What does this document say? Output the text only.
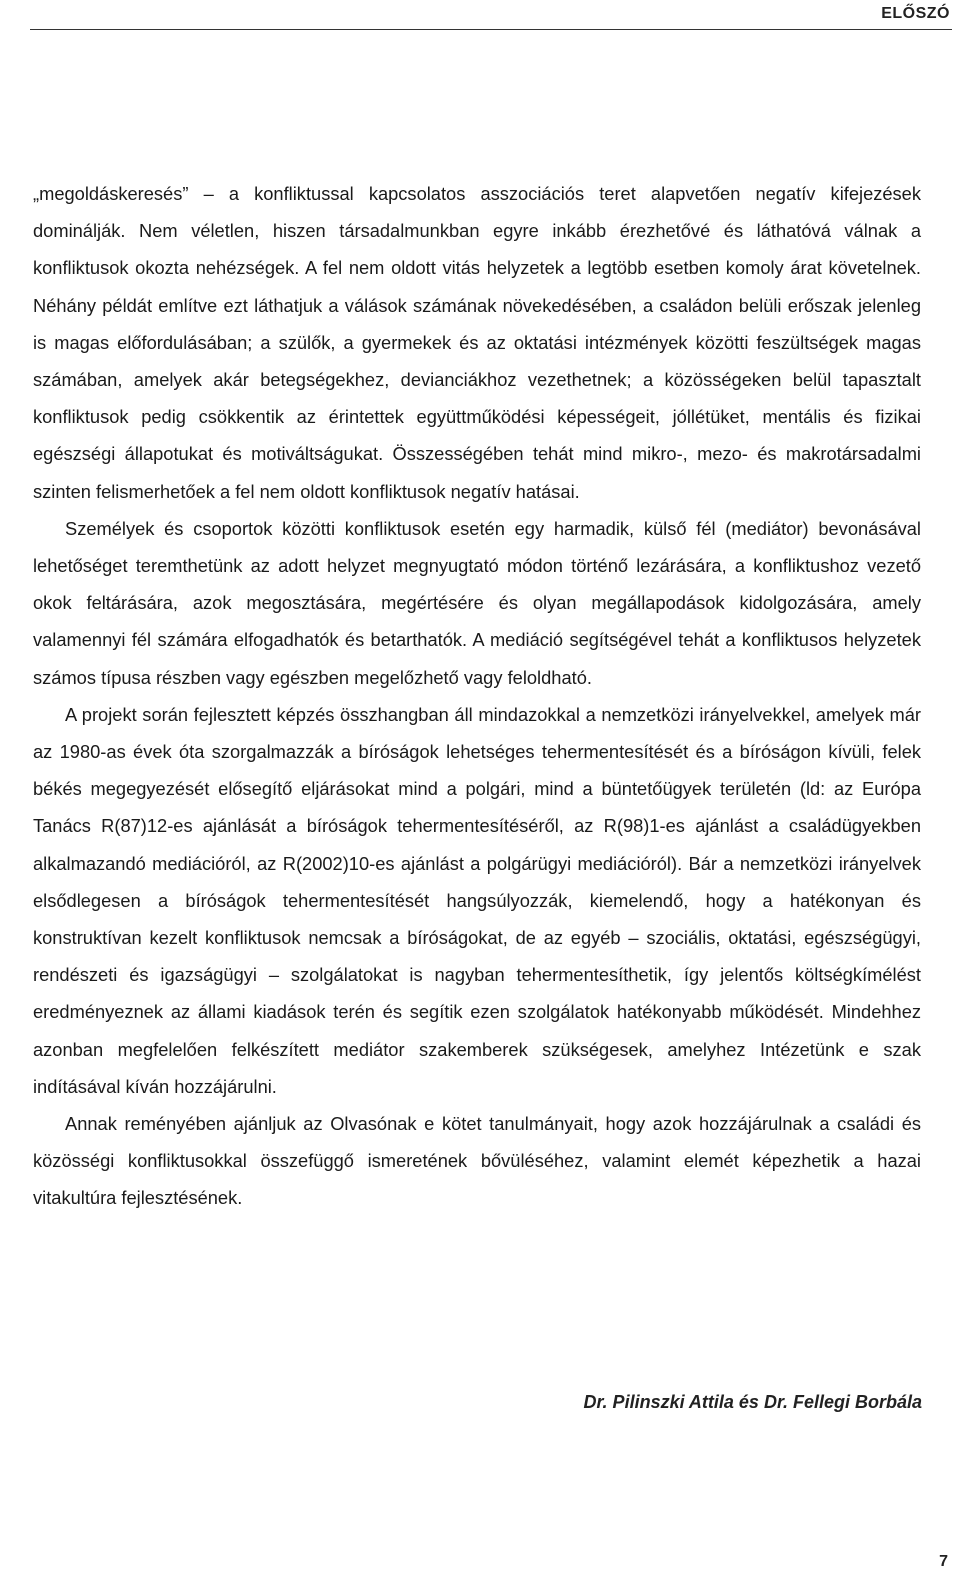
ELŐSZÓ

„megoldáskeresés” – a konfliktussal kapcsolatos asszociációs teret alapvetően negatív kifejezések dominálják. Nem véletlen, hiszen társadalmunkban egyre inkább érezhetővé és láthatóvá válnak a konfliktusok okozta nehézségek. A fel nem oldott vitás helyzetek a legtöbb esetben komoly árat követelnek. Néhány példát említve ezt láthatjuk a válások számának növekedésében, a családon belüli erőszak jelenleg is magas előfordulásában; a szülők, a gyermekek és az oktatási intézmények közötti feszültségek magas számában, amelyek akár betegségekhez, devianciákhoz vezethetnek; a közösségeken belül tapasztalt konfliktusok pedig csökkentik az érintettek együttműködési képességeit, jóllétüket, mentális és fizikai egészségi állapotukat és motiváltságukat. Összességében tehát mind mikro-, mezo- és makrotársadalmi szinten felismerhetőek a fel nem oldott konfliktusok negatív hatásai.

Személyek és csoportok közötti konfliktusok esetén egy harmadik, külső fél (mediátor) bevonásával lehetőséget teremthetünk az adott helyzet megnyugtató módon történő lezárására, a konfliktushoz vezető okok feltárására, azok megosztására, megértésére és olyan megállapodások kidolgozására, amely valamennyi fél számára elfogadhatók és betarthatók. A mediáció segítségével tehát a konfliktusos helyzetek számos típusa részben vagy egészben megelőzhető vagy feloldható.

A projekt során fejlesztett képzés összhangban áll mindazokkal a nemzetközi irányelvekkel, amelyek már az 1980-as évek óta szorgalmazzák a bíróságok lehetséges tehermentesítését és a bíróságon kívüli, felek békés megegyezését elősegítő eljárásokat mind a polgári, mind a büntetőügyek területén (ld: az Európa Tanács R(87)12-es ajánlását a bíróságok tehermentesítéséről, az R(98)1-es ajánlást a családügyekben alkalmazandó mediációról, az R(2002)10-es ajánlást a polgárügyi mediációról). Bár a nemzetközi irányelvek elsődlegesen a bíróságok tehermentesítését hangsúlyozzák, kiemelendő, hogy a hatékonyan és konstruktívan kezelt konfliktusok nemcsak a bíróságokat, de az egyéb – szociális, oktatási, egészségügyi, rendészeti és igazságügyi – szolgálatokat is nagyban tehermentesíthetik, így jelentős költségkímélést eredményeznek az állami kiadások terén és segítik ezen szolgálatok hatékonyabb működését. Mindehhez azonban megfelelően felkészített mediátor szakemberek szükségesek, amelyhez Intézetünk e szak indításával kíván hozzájárulni.

Annak reményében ajánljuk az Olvasónak e kötet tanulmányait, hogy azok hozzájárulnak a családi és közösségi konfliktusokkal összefüggő ismeretének bővüléséhez, valamint elemét képezhetik a hazai vitakultúra fejlesztésének.

Dr. Pilinszki Attila és Dr. Fellegi Borbála
7
